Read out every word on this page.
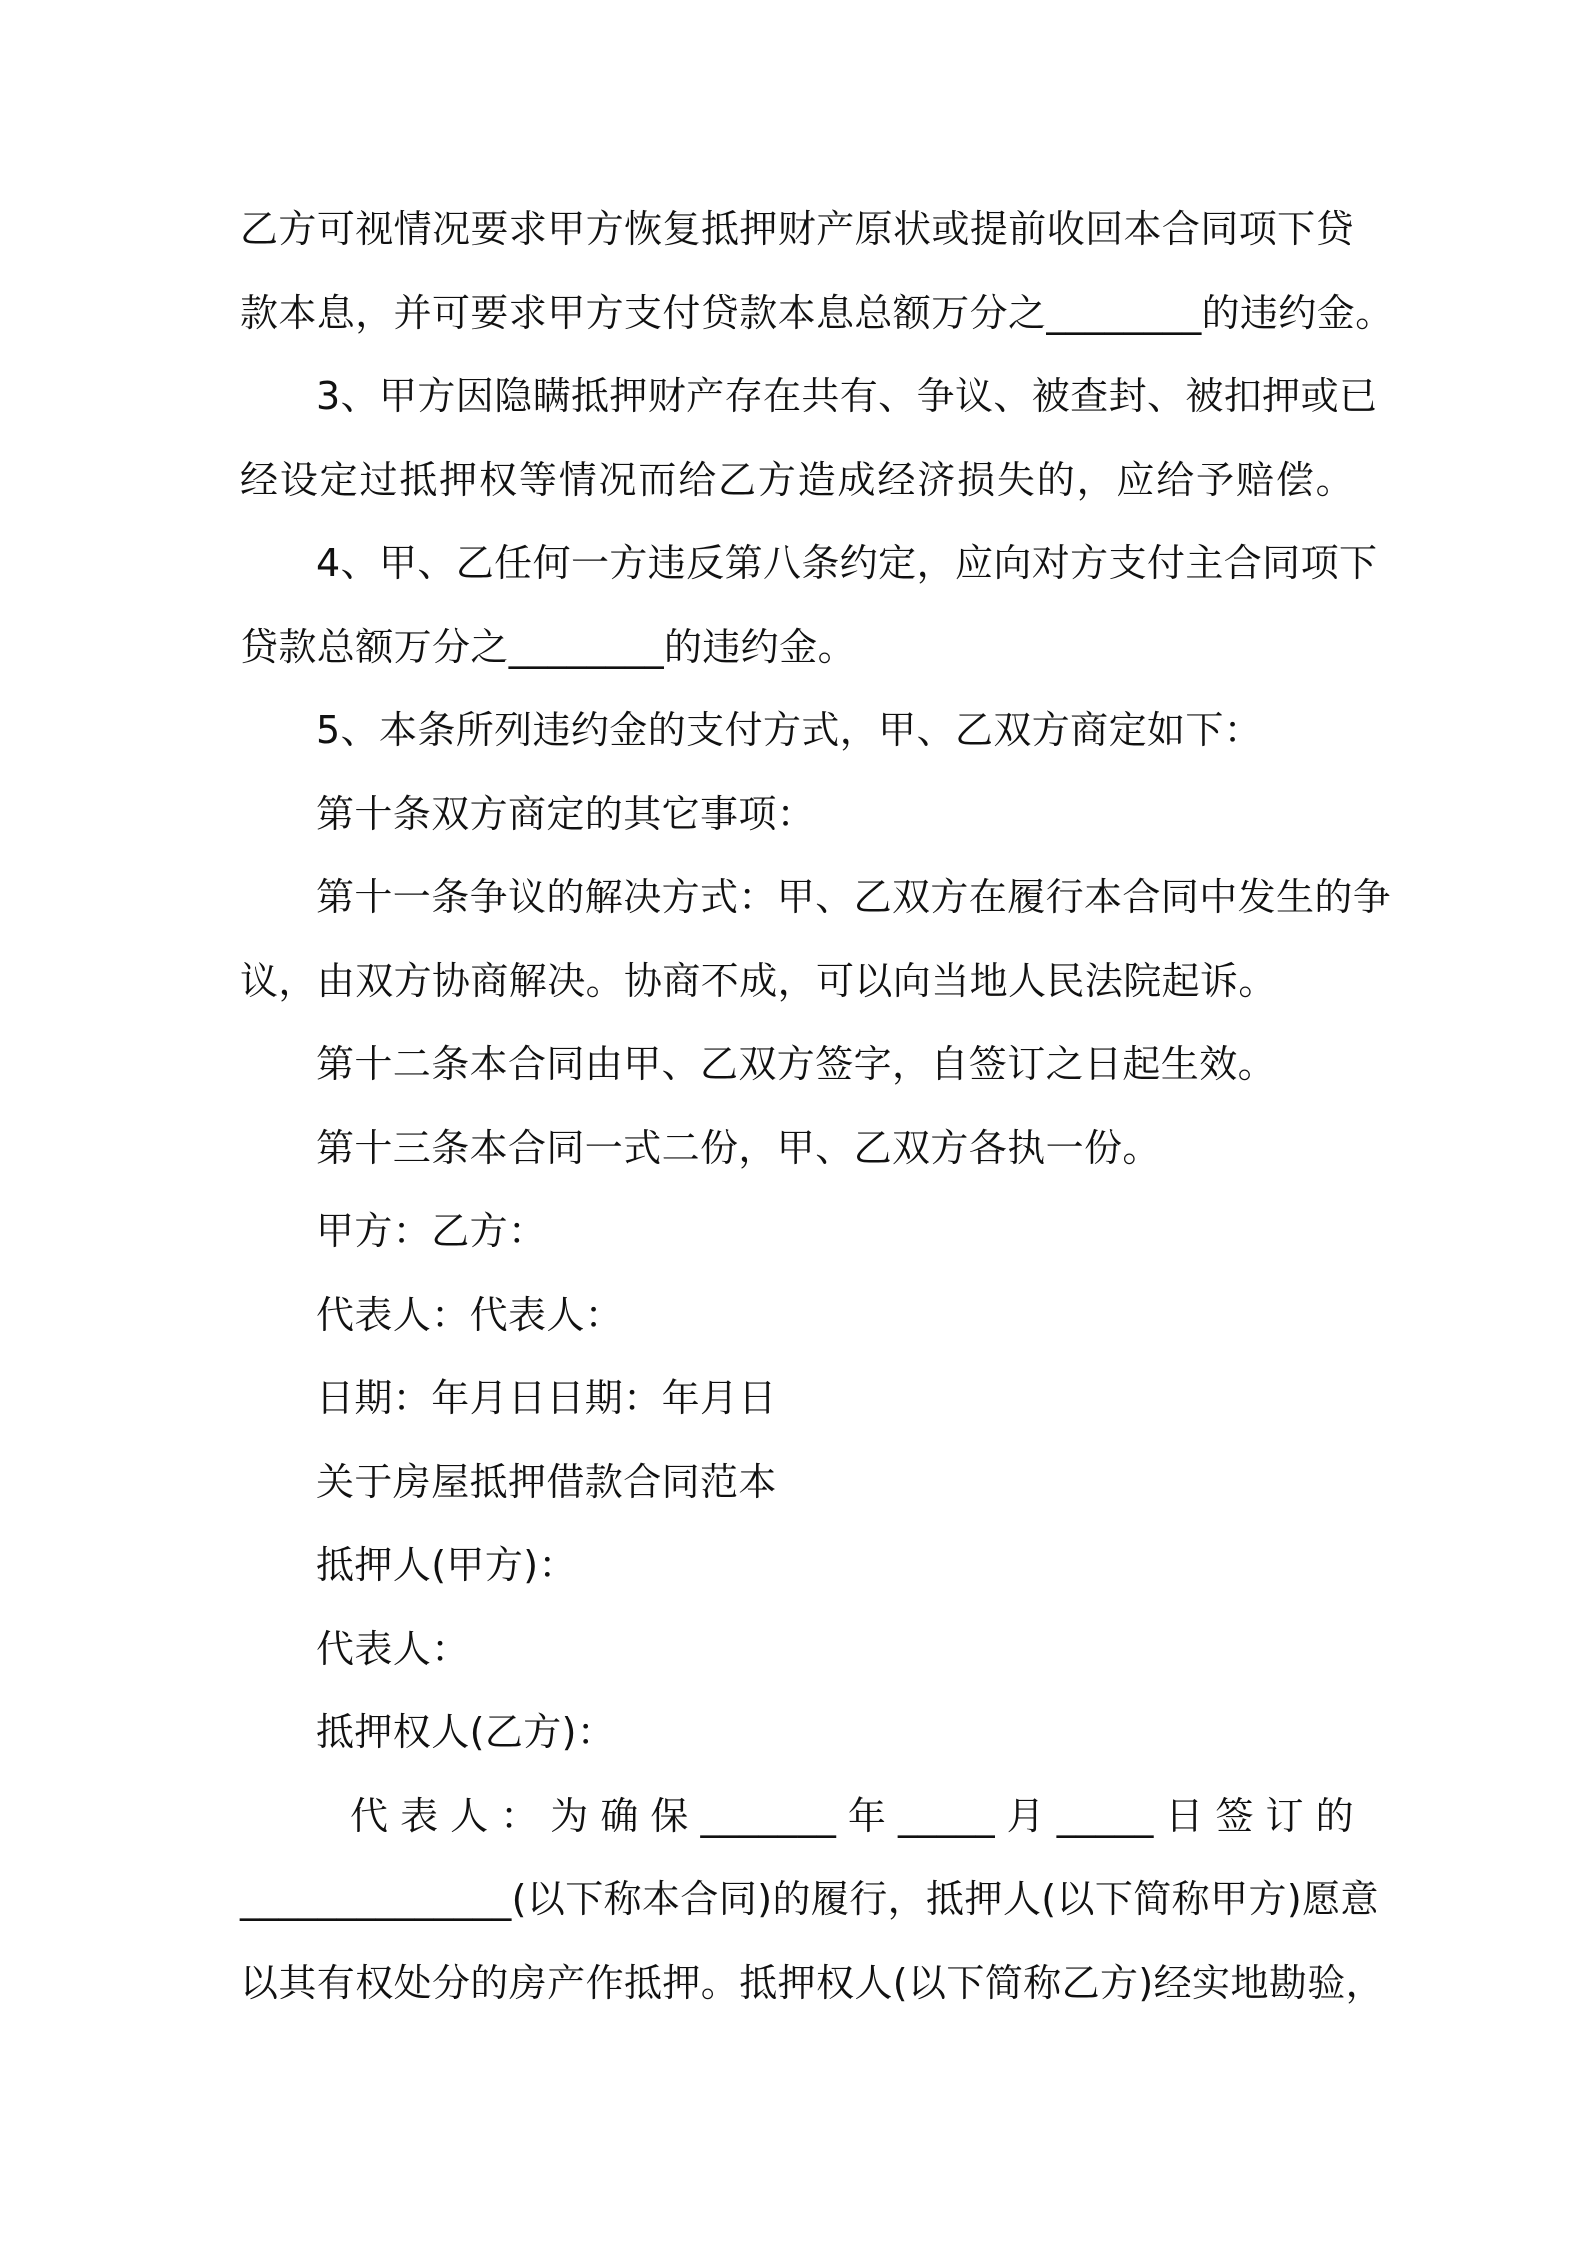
乙方可视情况要求甲方恢复抵押财产原状或提前收回本合同项下贷
款本息，并可要求甲方支付贷款本息总额万分之________的违约金。
3、甲方因隐瞒抵押财产存在共有、争议、被查封、被扣押或已
经设定过抵押权等情况而给乙方造成经济损失的，应给予赔偿。
4、甲、乙任何一方违反第八条约定，应向对方支付主合同项下
贷款总额万分之________的违约金。
5、本条所列违约金的支付方式，甲、乙双方商定如下：
第十条双方商定的其它事项：
第十一条争议的解决方式：甲、乙双方在履行本合同中发生的争
议，由双方协商解决。协商不成，可以向当地人民法院起诉。
第十二条本合同由甲、乙双方签字，自签订之日起生效。
第十三条本合同一式二份，甲、乙双方各执一份。
甲方：乙方：
代表人：代表人：
日期：年月日日期：年月日
关于房屋抵押借款合同范本
抵押人(甲方)：
代表人：
抵押权人(乙方)：
代表人：为确保_______年_____月_____日签订的
______________(以下称本合同)的履行，抵押人(以下简称甲方)愿意
以其有权处分的房产作抵押。抵押权人(以下简称乙方)经实地勘验，
